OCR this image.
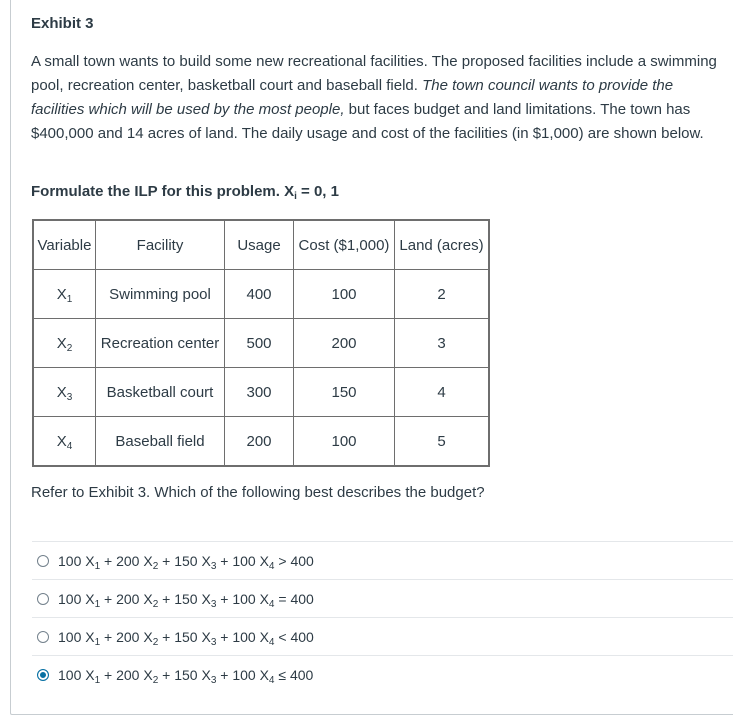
Exhibit 3
A small town wants to build some new recreational facilities. The proposed facilities include a swimming pool, recreation center, basketball court and baseball field. The town council wants to provide the facilities which will be used by the most people, but faces budget and land limitations. The town has $400,000 and 14 acres of land. The daily usage and cost of the facilities (in $1,000) are shown below.
Formulate the ILP for this problem. $X_i = 0$, 1
Variable	Facility	Usage	Cost ($1,000)	Land (acres)
$X_1$	Swimming pool	400	100	2
$X_2$	Recreation center	500	200	3
$X_3$	Basketball court	300	150	4
$X_4$	Baseball field	200	100	5
Refer to Exhibit 3. Which of the following best describes the budget?
100 $X_1 + 200$ $X_2 + 150$ $X_3 + 100$ $X_4 > 400$
100 $X_1 + 200$ $X_2 + 150$ $X_3 + 100$ $X_4 = 400$
100 $X_1 + 200$ $X_2 + 150$ $X_3 + 100$ $X_4 < 400$
100 $X_1 + 200$ $X_2 + 150$ $X_3 + 100$ $X_4 \le 400$
